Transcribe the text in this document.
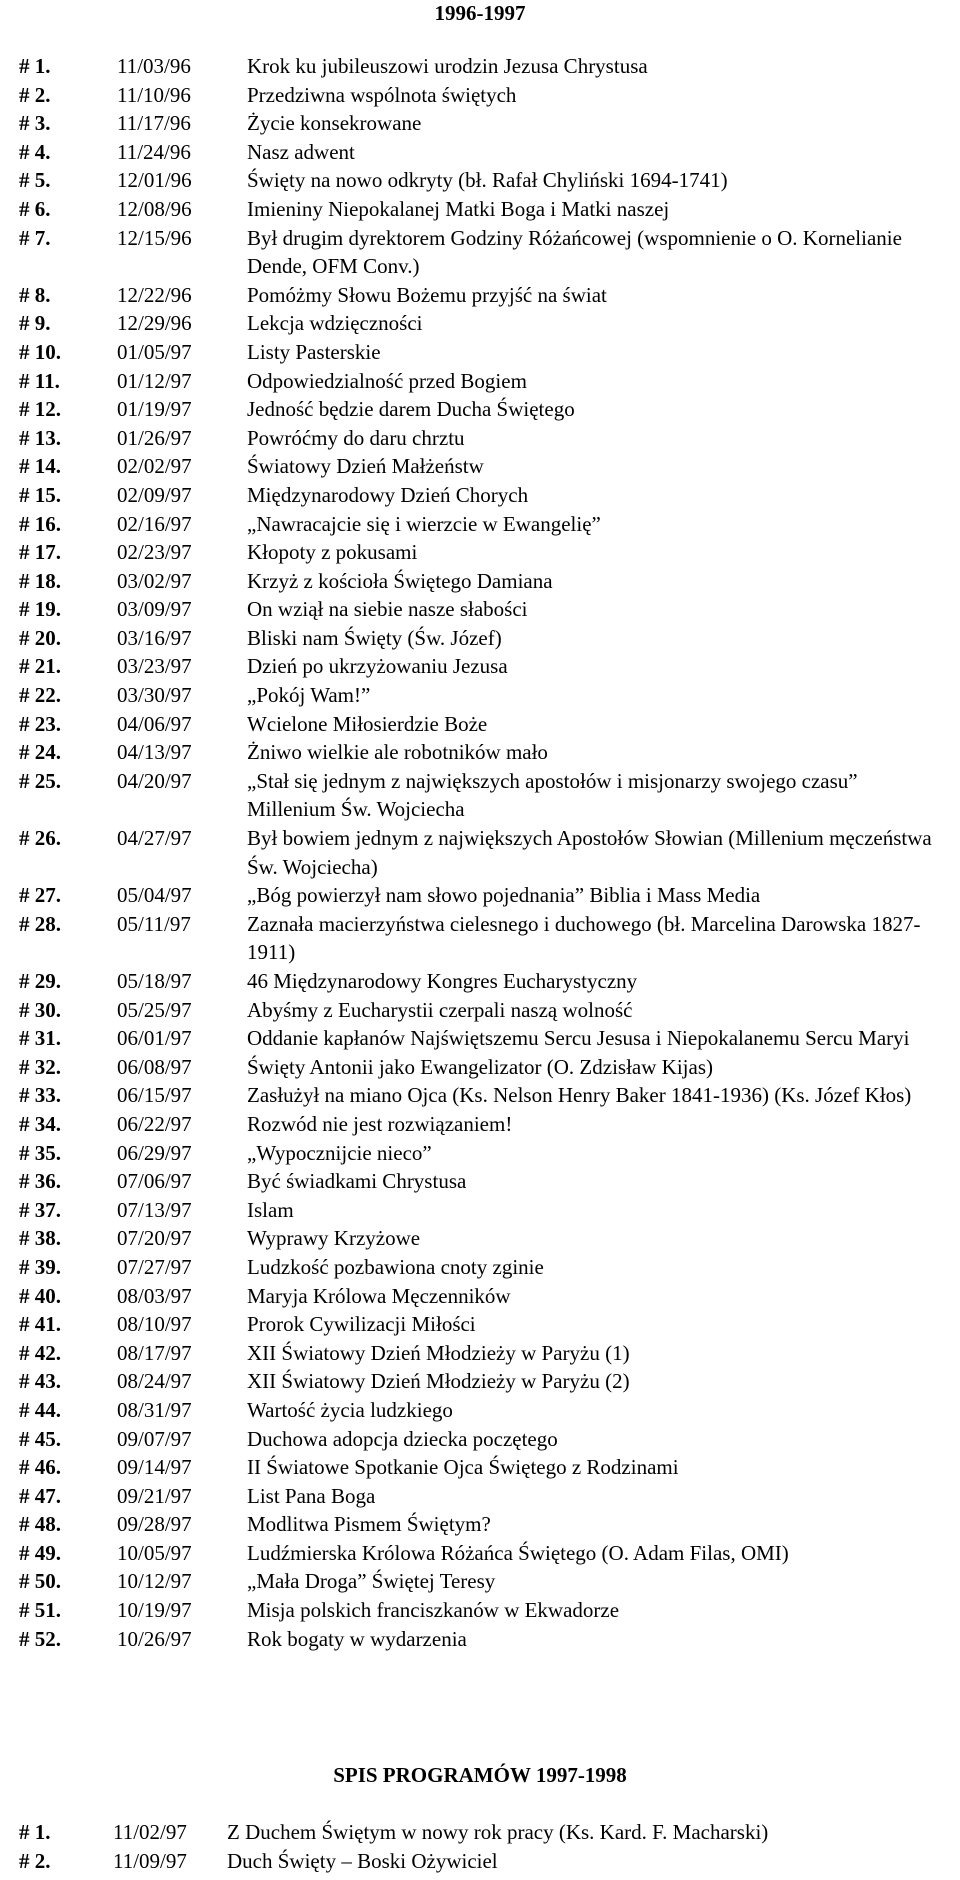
1996-1997
# 1.	11/03/96	Krok ku jubileuszowi urodzin Jezusa Chrystusa
# 2.	11/10/96	Przedziwna wspólnota świętych
# 3.	11/17/96	Życie konsekrowane
# 4.	11/24/96	Nasz adwent
# 5.	12/01/96	Święty na nowo odkryty (bł. Rafał Chyliński 1694-1741)
# 6.	12/08/96	Imieniny Niepokalanej Matki Boga i Matki naszej
# 7.	12/15/96	Był drugim dyrektorem Godziny Różańcowej (wspomnienie o O. Kornelianie Dende, OFM Conv.)
# 8.	12/22/96	Pomóżmy Słowu Bożemu przyjść na świat
# 9.	12/29/96	Lekcja wdzięczności
# 10.	01/05/97	Listy Pasterskie
# 11.	01/12/97	Odpowiedzialność przed Bogiem
# 12.	01/19/97	Jedność będzie darem Ducha Świętego
# 13.	01/26/97	Powróćmy do daru chrztu
# 14.	02/02/97	Światowy Dzień Małżeństw
# 15.	02/09/97	Międzynarodowy Dzień Chorych
# 16.	02/16/97	„Nawracajcie się i wierzcie w Ewangelię”
# 17.	02/23/97	Kłopoty z pokusami
# 18.	03/02/97	Krzyż z kościoła Świętego Damiana
# 19.	03/09/97	On wziął na siebie nasze słabości
# 20.	03/16/97	Bliski nam Święty (Św. Józef)
# 21.	03/23/97	Dzień po ukrzyżowaniu Jezusa
# 22.	03/30/97	„Pokój Wam!”
# 23.	04/06/97	Wcielone Miłosierdzie Boże
# 24.	04/13/97	Żniwo wielkie ale robotników mało
# 25.	04/20/97	„Stał się jednym z największych apostołów i misjonarzy swojego czasu” Millenium Św. Wojciecha
# 26.	04/27/97	Był bowiem jednym z największych Apostołów Słowian (Millenium męczeństwa Św. Wojciecha)
# 27.	05/04/97	„Bóg powierzył nam słowo pojednania” Biblia i Mass Media
# 28.	05/11/97	Zaznała macierzyństwa cielesnego i duchowego (bł. Marcelina Darowska 1827-1911)
# 29.	05/18/97	46 Międzynarodowy Kongres Eucharystyczny
# 30.	05/25/97	Abyśmy z Eucharystii czerpali naszą wolność
# 31.	06/01/97	Oddanie kapłanów Najświętszemu Sercu Jesusa i Niepokalanemu Sercu Maryi
# 32.	06/08/97	Święty Antonii jako Ewangelizator (O. Zdzisław Kijas)
# 33.	06/15/97	Zasłużył na miano Ojca (Ks. Nelson Henry Baker 1841-1936) (Ks. Józef Kłos)
# 34.	06/22/97	Rozwód nie jest rozwiązaniem!
# 35.	06/29/97	„Wypocznijcie nieco”
# 36.	07/06/97	Być świadkami Chrystusa
# 37.	07/13/97	Islam
# 38.	07/20/97	Wyprawy Krzyżowe
# 39.	07/27/97	Ludzkość pozbawiona cnoty zginie
# 40.	08/03/97	Maryja Królowa Męczenników
# 41.	08/10/97	Prorok Cywilizacji Miłości
# 42.	08/17/97	XII Światowy Dzień Młodzieży w Paryżu (1)
# 43.	08/24/97	XII Światowy Dzień Młodzieży w Paryżu (2)
# 44.	08/31/97	Wartość życia ludzkiego
# 45.	09/07/97	Duchowa adopcja dziecka poczętego
# 46.	09/14/97	II Światowe Spotkanie Ojca Świętego z Rodzinami
# 47.	09/21/97	List Pana Boga
# 48.	09/28/97	Modlitwa Pismem Świętym?
# 49.	10/05/97	Ludźmierska Królowa Różańca Świętego (O. Adam Filas, OMI)
# 50.	10/12/97	„Mała Droga” Świętej Teresy
# 51.	10/19/97	Misja polskich franciszkanów w Ekwadorze
# 52.	10/26/97	Rok bogaty w wydarzenia
SPIS PROGRAMÓW 1997-1998
# 1.	11/02/97	Z Duchem Świętym w nowy rok pracy (Ks. Kard. F. Macharski)
# 2.	11/09/97	Duch Święty – Boski Ożywiciel
